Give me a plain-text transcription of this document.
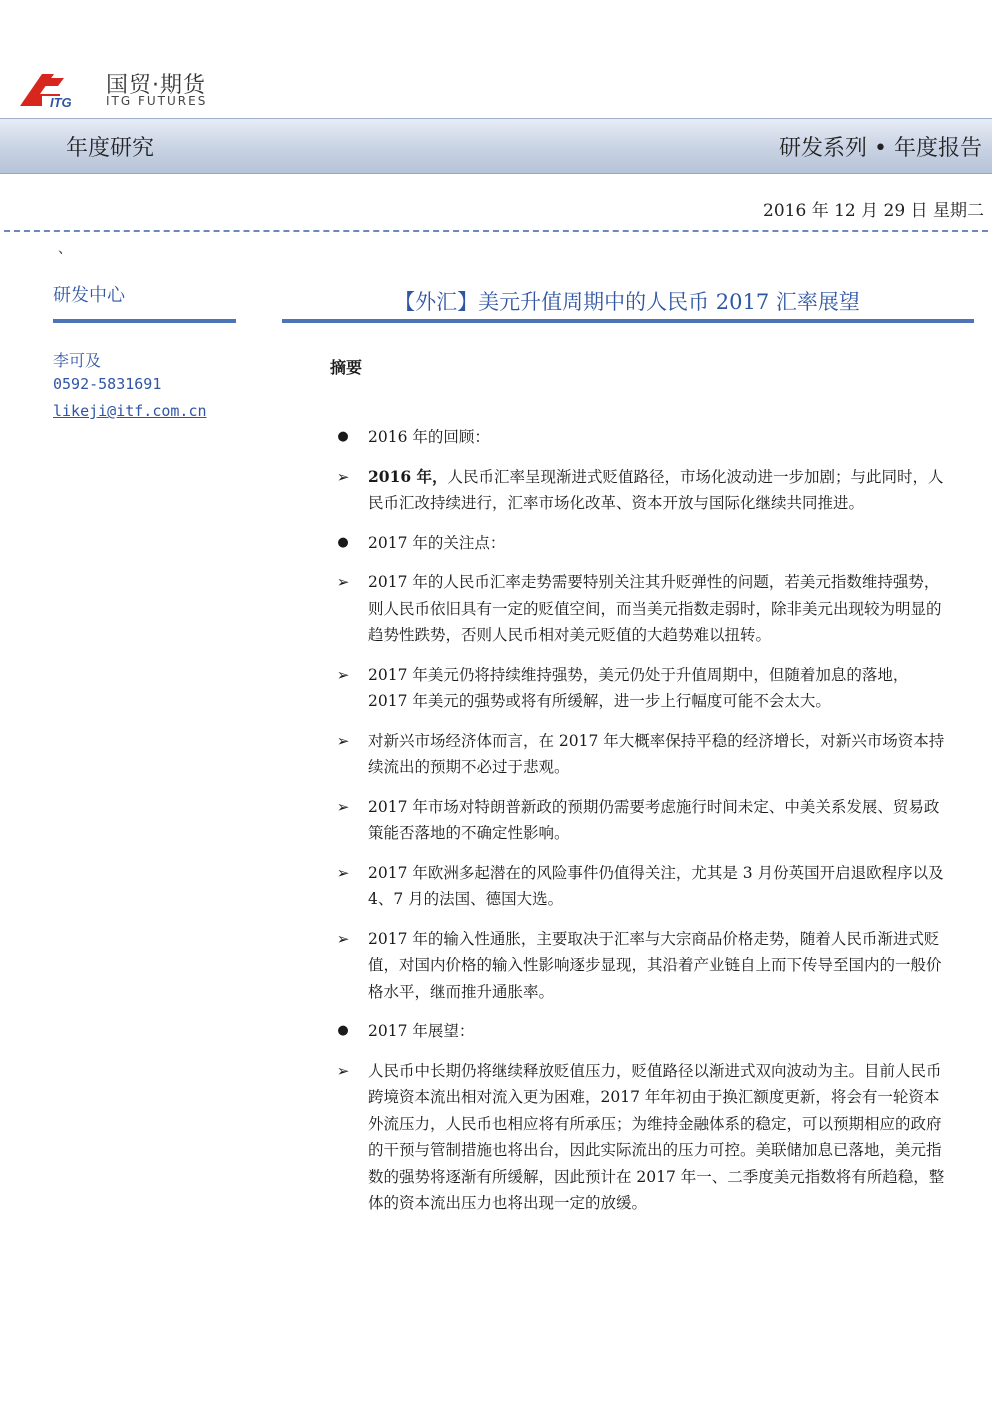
ITG
国贸·期货
ITG FUTURES
年度研究	研发系列 • 年度报告
2016 年 12 月 29 日 星期二
、
研发中心
李可及
0592-5831691
likeji@itf.com.cn
【外汇】美元升值周期中的人民币 2017 汇率展望
摘要
● 2016 年的回顾：
➢ 2016 年，人民币汇率呈现渐进式贬值路径，市场化波动进一步加剧；与此同时，人民币汇改持续进行，汇率市场化改革、资本开放与国际化继续共同推进。
● 2017 年的关注点：
➢ 2017 年的人民币汇率走势需要特别关注其升贬弹性的问题，若美元指数维持强势，则人民币依旧具有一定的贬值空间，而当美元指数走弱时，除非美元出现较为明显的趋势性跌势，否则人民币相对美元贬值的大趋势难以扭转。
➢ 2017 年美元仍将持续维持强势，美元仍处于升值周期中，但随着加息的落地，2017 年美元的强势或将有所缓解，进一步上行幅度可能不会太大。
➢ 对新兴市场经济体而言，在 2017 年大概率保持平稳的经济增长，对新兴市场资本持续流出的预期不必过于悲观。
➢ 2017 年市场对特朗普新政的预期仍需要考虑施行时间未定、中美关系发展、贸易政策能否落地的不确定性影响。
➢ 2017 年欧洲多起潜在的风险事件仍值得关注，尤其是 3 月份英国开启退欧程序以及 4、7 月的法国、德国大选。
➢ 2017 年的输入性通胀，主要取决于汇率与大宗商品价格走势，随着人民币渐进式贬值，对国内价格的输入性影响逐步显现，其沿着产业链自上而下传导至国内的一般价格水平，继而推升通胀率。
● 2017 年展望：
➢ 人民币中长期仍将继续释放贬值压力，贬值路径以渐进式双向波动为主。目前人民币跨境资本流出相对流入更为困难，2017 年年初由于换汇额度更新，将会有一轮资本外流压力，人民币也相应将有所承压；为维持金融体系的稳定，可以预期相应的政府的干预与管制措施也将出台，因此实际流出的压力可控。美联储加息已落地，美元指数的强势将逐渐有所缓解，因此预计在 2017 年一、二季度美元指数将有所趋稳，整体的资本流出压力也将出现一定的放缓。
